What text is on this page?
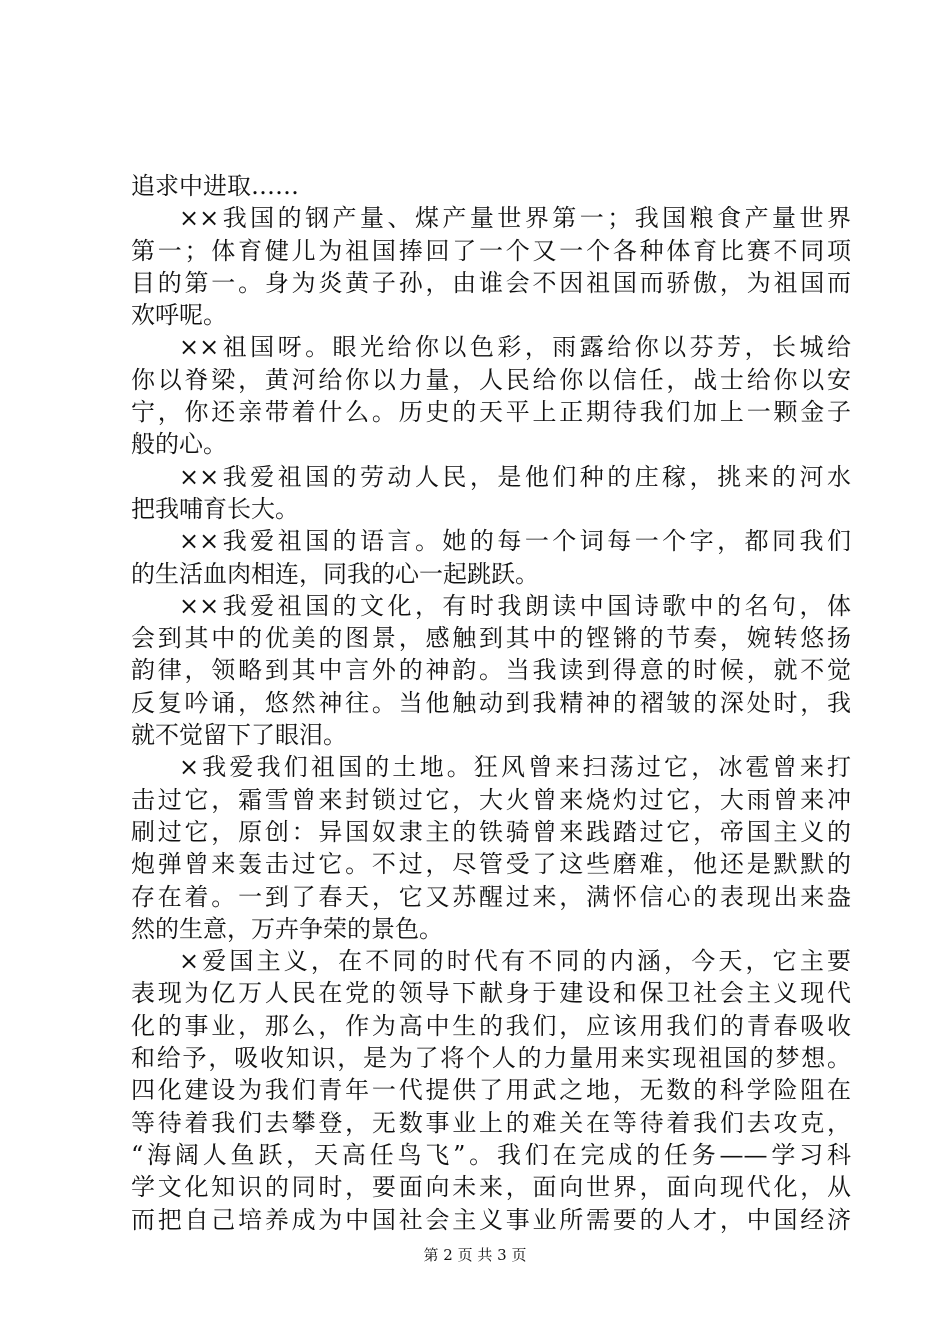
追求中进取……
××我国的钢产量、煤产量世界第一；我国粮食产量世界
第一；体育健儿为祖国捧回了一个又一个各种体育比赛不同项
目的第一。身为炎黄子孙，由谁会不因祖国而骄傲，为祖国而
欢呼呢。
××祖国呀。眼光给你以色彩，雨露给你以芬芳，长城给
你以脊梁，黄河给你以力量，人民给你以信任，战士给你以安
宁，你还亲带着什么。历史的天平上正期待我们加上一颗金子
般的心。
××我爱祖国的劳动人民，是他们种的庄稼，挑来的河水
把我哺育长大。
××我爱祖国的语言。她的每一个词每一个字，都同我们
的生活血肉相连，同我的心一起跳跃。
××我爱祖国的文化，有时我朗读中国诗歌中的名句，体
会到其中的优美的图景，感触到其中的铿锵的节奏，婉转悠扬
韵律，领略到其中言外的神韵。当我读到得意的时候，就不觉
反复吟诵，悠然神往。当他触动到我精神的褶皱的深处时，我
就不觉留下了眼泪。
×我爱我们祖国的土地。狂风曾来扫荡过它，冰雹曾来打
击过它，霜雪曾来封锁过它，大火曾来烧灼过它，大雨曾来冲
刷过它，原创：异国奴隶主的铁骑曾来践踏过它，帝国主义的
炮弹曾来轰击过它。不过，尽管受了这些磨难，他还是默默的
存在着。一到了春天，它又苏醒过来，满怀信心的表现出来盎
然的生意，万卉争荣的景色。
×爱国主义，在不同的时代有不同的内涵，今天，它主要
表现为亿万人民在党的领导下献身于建设和保卫社会主义现代
化的事业，那么，作为高中生的我们，应该用我们的青春吸收
和给予，吸收知识，是为了将个人的力量用来实现祖国的梦想。
四化建设为我们青年一代提供了用武之地，无数的科学险阻在
等待着我们去攀登，无数事业上的难关在等待着我们去攻克，
“海阔人鱼跃，天高任鸟飞”。我们在完成的任务——学习科
学文化知识的同时，要面向未来，面向世界，面向现代化，从
而把自己培养成为中国社会主义事业所需要的人才，中国经济
第 2 页 共 3 页
